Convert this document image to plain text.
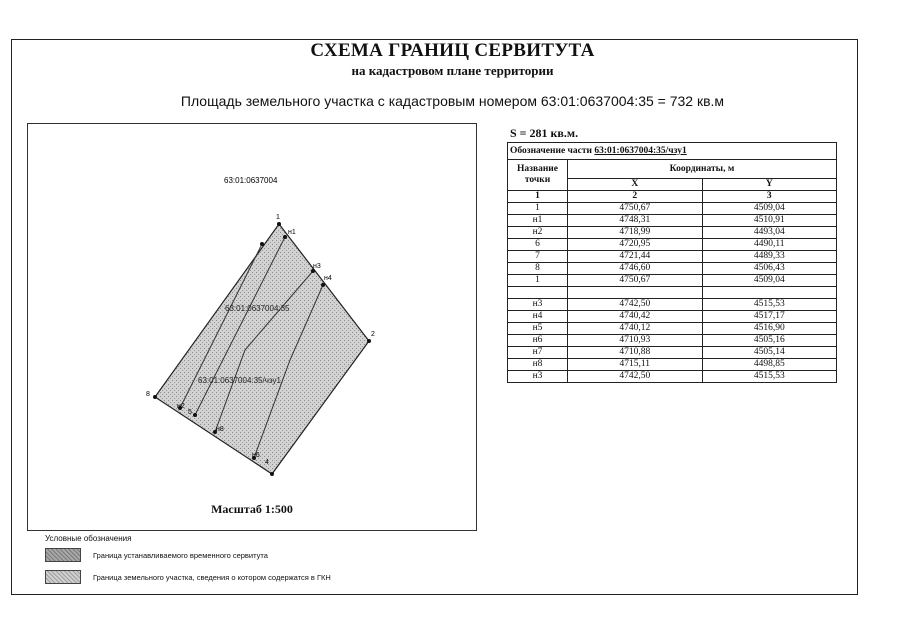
СХЕМА ГРАНИЦ СЕРВИТУТА
на кадастровом плане территории
Площадь земельного участка с кадастровым номером 63:01:0637004:35 = 732 кв.м
63:01:0637004
63:01:0637004:35
63:01:0637004:35/чзу1
1
н1
н3
н4
2
8
н2
5
н8
н6
4
Масштаб 1:500
S = 281 кв.м.
Обозначение части 63:01:0637004:35/чзу1		
Название точки	Координаты, м	
	X	Y
1	2	3
1	4750,67	4509,04
н1	4748,31	4510,91
н2	4718,99	4493,04
6	4720,95	4490,11
7	4721,44	4489,33
8	4746,60	4506,43
1	4750,67	4509,04

н3	4742,50	4515,53
н4	4740,42	4517,17
н5	4740,12	4516,90
н6	4710,93	4505,16
н7	4710,88	4505,14
н8	4715,11	4498,85
н3	4742,50	4515,53
Условные обозначения
Граница устанавливаемого временного сервитута
Граница земельного участка, сведения о котором содержатся в ГКН
